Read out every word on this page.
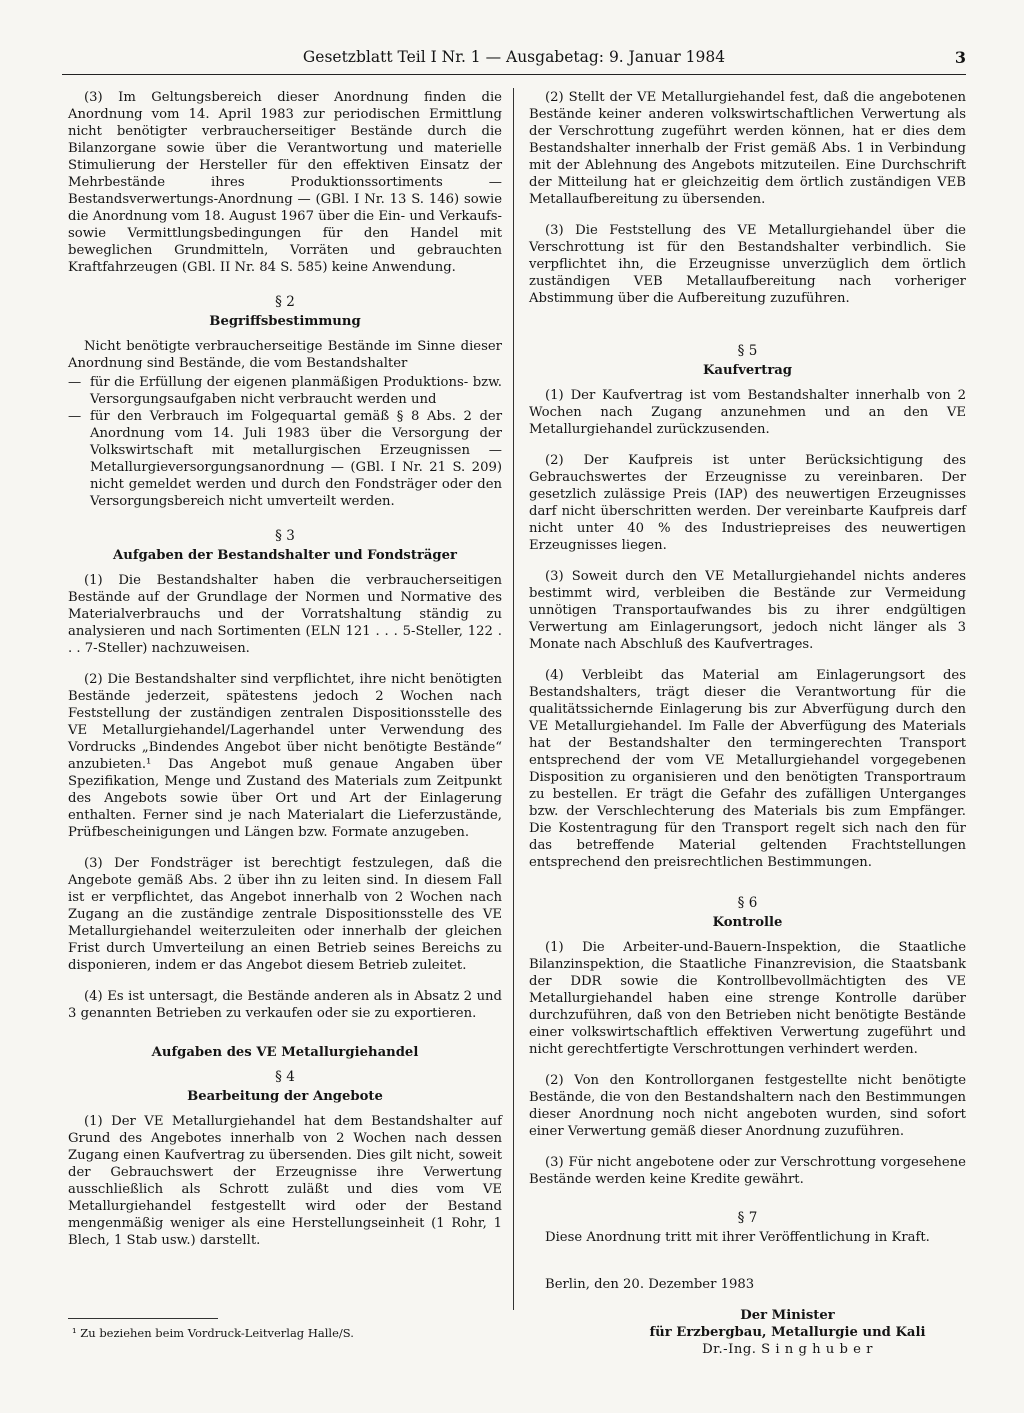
Gesetzblatt Teil I Nr. 1 — Ausgabetag: 9. Januar 1984	3

(3) Im Geltungsbereich dieser Anordnung finden die Anordnung vom 14. April 1983 zur periodischen Ermittlung nicht benötigter verbraucherseitiger Bestände durch die Bilanzorgane sowie über die Verantwortung und materielle Stimulierung der Hersteller für den effektiven Einsatz der Mehrbestände ihres Produktionssortiments — Bestandsverwertungs-Anordnung — (GBl. I Nr. 13 S. 146) sowie die Anordnung vom 18. August 1967 über die Ein- und Verkaufs- sowie Vermittlungsbedingungen für den Handel mit beweglichen Grundmitteln, Vorräten und gebrauchten Kraftfahrzeugen (GBl. II Nr. 84 S. 585) keine Anwendung.

§ 2
Begriffsbestimmung

Nicht benötigte verbraucherseitige Bestände im Sinne dieser Anordnung sind Bestände, die vom Bestandshalter

— für die Erfüllung der eigenen planmäßigen Produktions- bzw. Versorgungsaufgaben nicht verbraucht werden und
— für den Verbrauch im Folgequartal gemäß § 8 Abs. 2 der Anordnung vom 14. Juli 1983 über die Versorgung der Volkswirtschaft mit metallurgischen Erzeugnissen — Metallurgieversorgungsanordnung — (GBl. I Nr. 21 S. 209) nicht gemeldet werden und durch den Fondsträger oder den Versorgungsbereich nicht umverteilt werden.
§ 3
Aufgaben der Bestandshalter und Fondsträger

(1) Die Bestandshalter haben die verbraucherseitigen Bestände auf der Grundlage der Normen und Normative des Materialverbrauchs und der Vorratshaltung ständig zu analysieren und nach Sortimenten (ELN 121 . . . 5-Steller, 122 . . . 7-Steller) nachzuweisen.

(2) Die Bestandshalter sind verpflichtet, ihre nicht benötigten Bestände jederzeit, spätestens jedoch 2 Wochen nach Feststellung der zuständigen zentralen Dispositionsstelle des VE Metallurgiehandel/Lagerhandel unter Verwendung des Vordrucks „Bindendes Angebot über nicht benötigte Bestände“ anzubieten.¹ Das Angebot muß genaue Angaben über Spezifikation, Menge und Zustand des Materials zum Zeitpunkt des Angebots sowie über Ort und Art der Einlagerung enthalten. Ferner sind je nach Materialart die Lieferzustände, Prüfbescheinigungen und Längen bzw. Formate anzugeben.

(3) Der Fondsträger ist berechtigt festzulegen, daß die Angebote gemäß Abs. 2 über ihn zu leiten sind. In diesem Fall ist er verpflichtet, das Angebot innerhalb von 2 Wochen nach Zugang an die zuständige zentrale Dispositionsstelle des VE Metallurgiehandel weiterzuleiten oder innerhalb der gleichen Frist durch Umverteilung an einen Betrieb seines Bereichs zu disponieren, indem er das Angebot diesem Betrieb zuleitet.

(4) Es ist untersagt, die Bestände anderen als in Absatz 2 und 3 genannten Betrieben zu verkaufen oder sie zu exportieren.

Aufgaben des VE Metallurgiehandel
§ 4
Bearbeitung der Angebote

(1) Der VE Metallurgiehandel hat dem Bestandshalter auf Grund des Angebotes innerhalb von 2 Wochen nach dessen Zugang einen Kaufvertrag zu übersenden. Dies gilt nicht, soweit der Gebrauchswert der Erzeugnisse ihre Verwertung ausschließlich als Schrott zuläßt und dies vom VE Metallurgiehandel festgestellt wird oder der Bestand mengenmäßig weniger als eine Herstellungseinheit (1 Rohr, 1 Blech, 1 Stab usw.) darstellt.

(2) Stellt der VE Metallurgiehandel fest, daß die angebotenen Bestände keiner anderen volkswirtschaftlichen Verwertung als der Verschrottung zugeführt werden können, hat er dies dem Bestandshalter innerhalb der Frist gemäß Abs. 1 in Verbindung mit der Ablehnung des Angebots mitzuteilen. Eine Durchschrift der Mitteilung hat er gleichzeitig dem örtlich zuständigen VEB Metallaufbereitung zu übersenden.

(3) Die Feststellung des VE Metallurgiehandel über die Verschrottung ist für den Bestandshalter verbindlich. Sie verpflichtet ihn, die Erzeugnisse unverzüglich dem örtlich zuständigen VEB Metallaufbereitung nach vorheriger Abstimmung über die Aufbereitung zuzuführen.

§ 5
Kaufvertrag

(1) Der Kaufvertrag ist vom Bestandshalter innerhalb von 2 Wochen nach Zugang anzunehmen und an den VE Metallurgiehandel zurückzusenden.

(2) Der Kaufpreis ist unter Berücksichtigung des Gebrauchswertes der Erzeugnisse zu vereinbaren. Der gesetzlich zulässige Preis (IAP) des neuwertigen Erzeugnisses darf nicht überschritten werden. Der vereinbarte Kaufpreis darf nicht unter 40 % des Industriepreises des neuwertigen Erzeugnisses liegen.

(3) Soweit durch den VE Metallurgiehandel nichts anderes bestimmt wird, verbleiben die Bestände zur Vermeidung unnötigen Transportaufwandes bis zu ihrer endgültigen Verwertung am Einlagerungsort, jedoch nicht länger als 3 Monate nach Abschluß des Kaufvertrages.

(4) Verbleibt das Material am Einlagerungsort des Bestandshalters, trägt dieser die Verantwortung für die qualitätssichernde Einlagerung bis zur Abverfügung durch den VE Metallurgiehandel. Im Falle der Abverfügung des Materials hat der Bestandshalter den termingerechten Transport entsprechend der vom VE Metallurgiehandel vorgegebenen Disposition zu organisieren und den benötigten Transportraum zu bestellen. Er trägt die Gefahr des zufälligen Unterganges bzw. der Verschlechterung des Materials bis zum Empfänger. Die Kostentragung für den Transport regelt sich nach den für das betreffende Material geltenden Frachtstellungen entsprechend den preisrechtlichen Bestimmungen.

§ 6
Kontrolle

(1) Die Arbeiter-und-Bauern-Inspektion, die Staatliche Bilanzinspektion, die Staatliche Finanzrevision, die Staatsbank der DDR sowie die Kontrollbevollmächtigten des VE Metallurgiehandel haben eine strenge Kontrolle darüber durchzuführen, daß von den Betrieben nicht benötigte Bestände einer volkswirtschaftlich effektiven Verwertung zugeführt und nicht gerechtfertigte Verschrottungen verhindert werden.

(2) Von den Kontrollorganen festgestellte nicht benötigte Bestände, die von den Bestandshaltern nach den Bestimmungen dieser Anordnung noch nicht angeboten wurden, sind sofort einer Verwertung gemäß dieser Anordnung zuzuführen.

(3) Für nicht angebotene oder zur Verschrottung vorgesehene Bestände werden keine Kredite gewährt.

§ 7

Diese Anordnung tritt mit ihrer Veröffentlichung in Kraft.

Berlin, den 20. Dezember 1983

Der Minister
für Erzbergbau, Metallurgie und Kali
Dr.-Ing. S i n g h u b e r
¹ Zu beziehen beim Vordruck-Leitverlag Halle/S.
